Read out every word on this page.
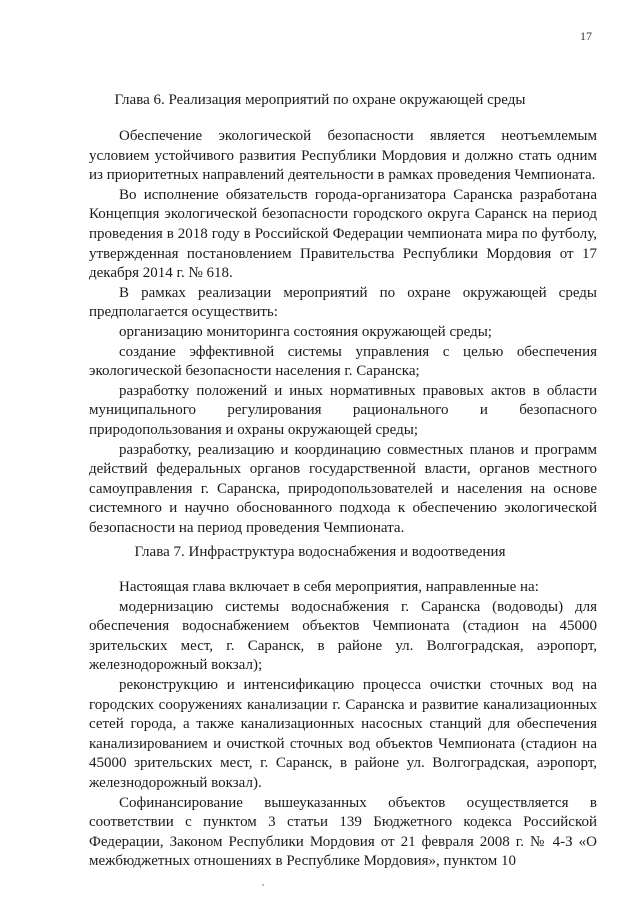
17
Глава 6. Реализация мероприятий по охране окружающей среды

Обеспечение экологической безопасности является неотъемлемым условием устойчивого развития Республики Мордовия и должно стать одним из приоритетных направлений деятельности в рамках проведения Чемпионата.

Во исполнение обязательств города-организатора Саранска разработана Концепция экологической безопасности городского округа Саранск на период проведения в 2018 году в Российской Федерации чемпионата мира по футболу, утвержденная постановлением Правительства Республики Мордовия от 17 декабря 2014 г. № 618.

В рамках реализации мероприятий по охране окружающей среды предполагается осуществить:

организацию мониторинга состояния окружающей среды;

создание эффективной системы управления с целью обеспечения экологической безопасности населения г. Саранска;

разработку положений и иных нормативных правовых актов в области муниципального регулирования рационального и безопасного природопользования и охраны окружающей среды;

разработку, реализацию и координацию совместных планов и программ действий федеральных органов государственной власти, органов местного самоуправления г. Саранска, природопользователей и населения на основе системного и научно обоснованного подхода к обеспечению экологической безопасности на период проведения Чемпионата.

Глава 7. Инфраструктура водоснабжения и водоотведения

Настоящая глава включает в себя мероприятия, направленные на:

модернизацию системы водоснабжения г. Саранска (водоводы) для обеспечения водоснабжением объектов Чемпионата (стадион на 45000 зрительских мест, г. Саранск, в районе ул. Волгоградская, аэропорт, железнодорожный вокзал);

реконструкцию и интенсификацию процесса очистки сточных вод на городских сооружениях канализации г. Саранска и развитие канализационных сетей города, а также канализационных насосных станций для обеспечения канализированием и очисткой сточных вод объектов Чемпионата (стадион на 45000 зрительских мест, г. Саранск, в районе ул. Волгоградская, аэропорт, железнодорожный вокзал).

Софинансирование вышеуказанных объектов осуществляется в соответствии с пунктом 3 статьи 139 Бюджетного кодекса Российской Федерации, Законом Республики Мордовия от 21 февраля 2008 г. № 4-З «О межбюджетных отношениях в Республике Мордовия», пунктом 10
